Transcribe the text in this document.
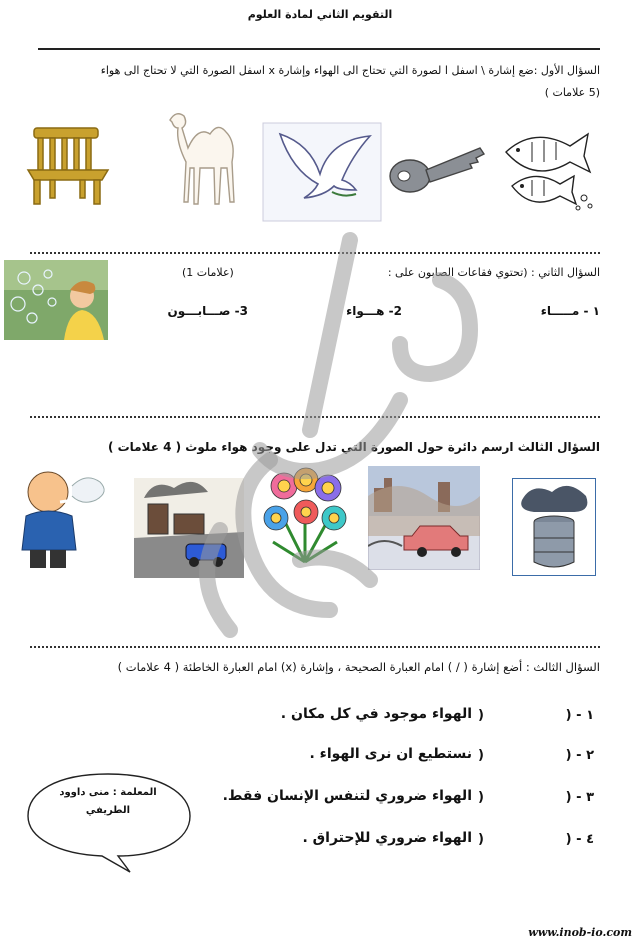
التقويم الثاني لمادة العلوم
السؤال الأول :ضع إشارة \ اسفل ا لصورة التي تحتاج الى الهواء وإشارة x اسفل الصورة التي لا تحتاج الى هواء
(5 علامات )
السؤال الثاني : (تحتوي فقاعات الصابون على :
(1 علامات)
١ - مـــــاء
2- هـــواء
3- صـــابـــون
السؤال الثالث ارسم دائرة حول الصورة التي تدل على وجود هواء ملوث ( 4 علامات )
السؤال الثالث : أضع إشارة ( / ) امام العبارة الصحيحة ، وإشارة (x) امام العبارة الخاطئة ( 4 علامات )
١ - (
)
الهواء موجود في كل مكان .
٢ - (
)
نستطيع ان نرى الهواء .
٣ - (
)
الهواء ضروري لتنفس الإنسان فقط.
٤ - (
)
الهواء ضروري للإحتراق .
المعلمة : منى داوود
الطريفي
www.inob-io.com
